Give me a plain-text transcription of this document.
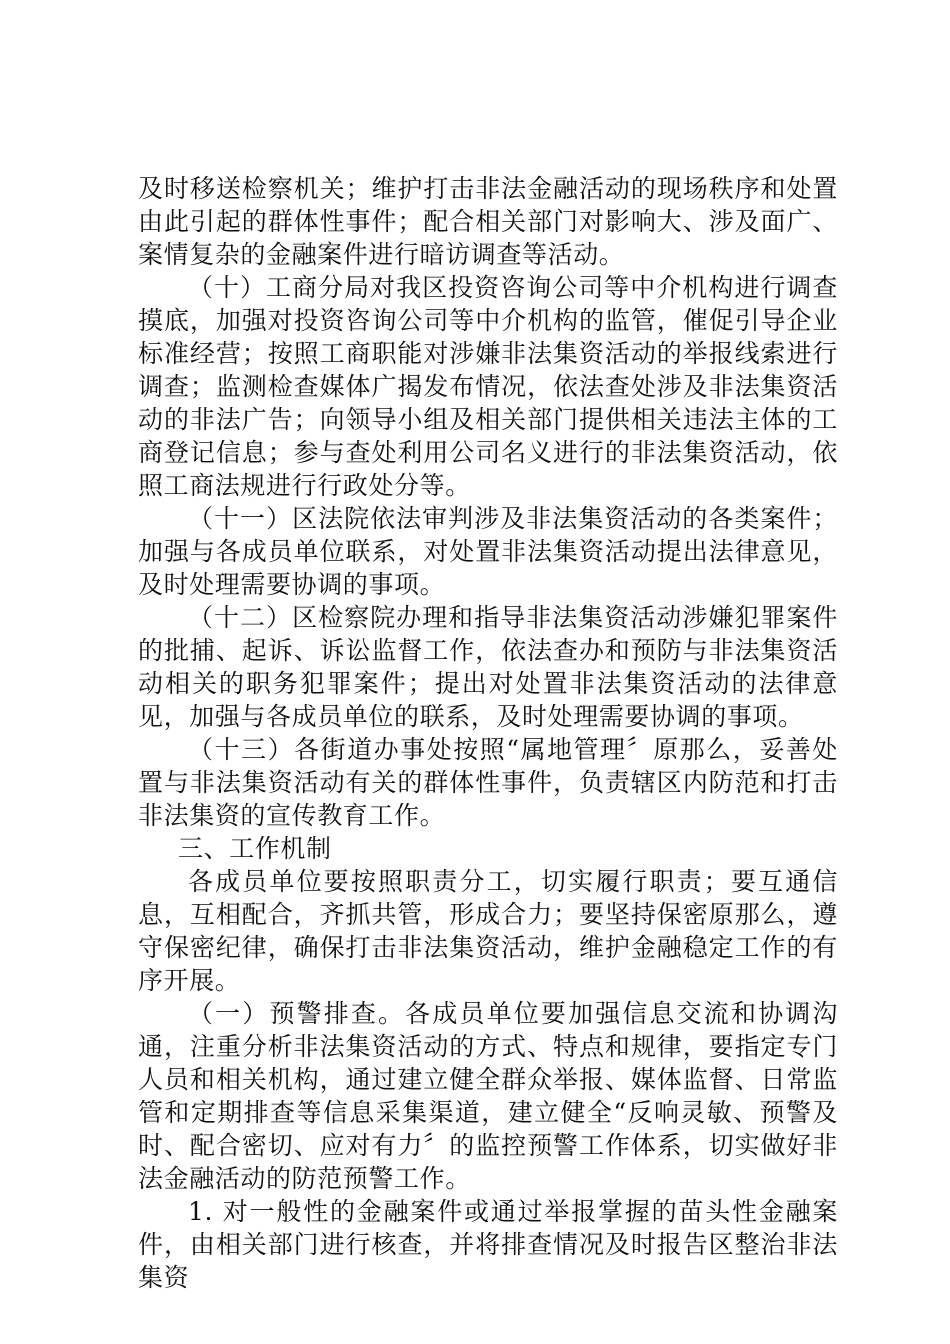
及时移送检察机关；维护打击非法金融活动的现场秩序和处置由此引起的群体性事件；配合相关部门对影响大、涉及面广、案情复杂的金融案件进行暗访调查等活动。

（十）工商分局对我区投资咨询公司等中介机构进行调查摸底，加强对投资咨询公司等中介机构的监管，催促引导企业标准经营；按照工商职能对涉嫌非法集资活动的举报线索进行调查；监测检查媒体广揭发布情况，依法查处涉及非法集资活动的非法广告；向领导小组及相关部门提供相关违法主体的工商登记信息；参与查处利用公司名义进行的非法集资活动，依照工商法规进行行政处分等。

（十一）区法院依法审判涉及非法集资活动的各类案件；加强与各成员单位联系，对处置非法集资活动提出法律意见，及时处理需要协调的事项。

（十二）区检察院办理和指导非法集资活动涉嫌犯罪案件的批捕、起诉、诉讼监督工作，依法查办和预防与非法集资活动相关的职务犯罪案件；提出对处置非法集资活动的法律意见，加强与各成员单位的联系，及时处理需要协调的事项。

（十三）各街道办事处按照“属地管理〞原那么，妥善处置与非法集资活动有关的群体性事件，负责辖区内防范和打击非法集资的宣传教育工作。

三、工作机制

各成员单位要按照职责分工，切实履行职责；要互通信息，互相配合，齐抓共管，形成合力；要坚持保密原那么，遵守保密纪律，确保打击非法集资活动，维护金融稳定工作的有序开展。

（一）预警排查。各成员单位要加强信息交流和协调沟通，注重分析非法集资活动的方式、特点和规律，要指定专门人员和相关机构，通过建立健全群众举报、媒体监督、日常监管和定期排查等信息采集渠道，建立健全“反响灵敏、预警及时、配合密切、应对有力〞的监控预警工作体系，切实做好非法金融活动的防范预警工作。

1. 对一般性的金融案件或通过举报掌握的苗头性金融案件，由相关部门进行核查，并将排查情况及时报告区整治非法集资
